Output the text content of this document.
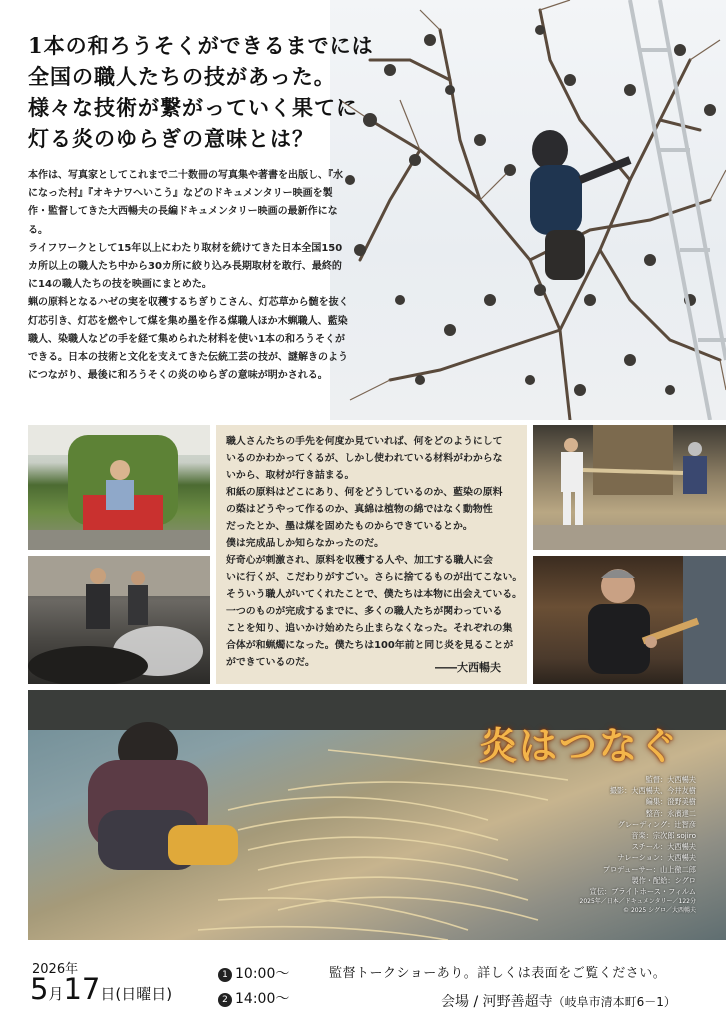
1本の和ろうそくができるまでには
全国の職人たちの技があった。
様々な技術が繋がっていく果てに
灯る炎のゆらぎの意味とは？

本作は、写真家としてこれまで二十数冊の写真集や著書を出版し、『水になった村』『オキナワへいこう』などのドキュメンタリー映画を製作・監督してきた大西暢夫の長編ドキュメンタリー映画の最新作になる。

ライフワークとして15年以上にわたり取材を続けてきた日本全国150カ所以上の職人たち中から30カ所に絞り込み長期取材を敢行、最終的に14の職人たちの技を映画にまとめた。

蝋の原料となるハゼの実を収穫するちぎりこさん、灯芯草から髄を抜く灯芯引き、灯芯を燃やして煤を集め墨を作る煤職人ほか木蝋職人、藍染職人、染職人などの手を経て集められた材料を使い1本の和ろうそくができる。日本の技術と文化を支えてきた伝統工芸の技が、謎解きのようにつながり、最後に和ろうそくの炎のゆらぎの意味が明かされる。

職人さんたちの手先を何度か見ていれば、何をどのようにして

いるのかわかってくるが、しかし使われている材料がわからな

いから、取材が行き詰まる。

和紙の原料はどこにあり、何をどうしているのか、藍染の原料

の蒅はどうやって作るのか、真綿は植物の綿ではなく動物性

だったとか、墨は煤を固めたものからできているとか。

僕は完成品しか知らなかったのだ。

好奇心が刺激され、原料を収穫する人や、加工する職人に会

いに行くが、こだわりがすごい。さらに捨てるものが出てこない。

そういう職人がいてくれたことで、僕たちは本物に出会えている。

一つのものが完成するまでに、多くの職人たちが関わっている

ことを知り、追いかけ始めたら止まらなくなった。それぞれの集

合体が和蝋燭になった。僕たちは100年前と同じ炎を見ることが

ができているのだ。	――大西暢夫
炎はつなぐ
監督：大西暢夫
撮影：大西暢夫、今井友樹
編集：澄野美樹
整音：永濱達二
グレーディング：辻智彦
音楽：宗次郎 sojiro
スチール：大西暢夫
ナレーション：大西暢夫
プロデューサー：山上徹二郎
製作・配給：シグロ
宣伝：ブライトホース・フィルム
2025年／日本／ドキュメンタリー／122分
© 2025 シグロ／大西暢夫
2026年
5月17日(日曜日)
1 10:00〜
2 14:00〜
監督トークショーあり。詳しくは表面をご覧ください。
会場 / 河野善超寺（岐阜市清本町6－1）
